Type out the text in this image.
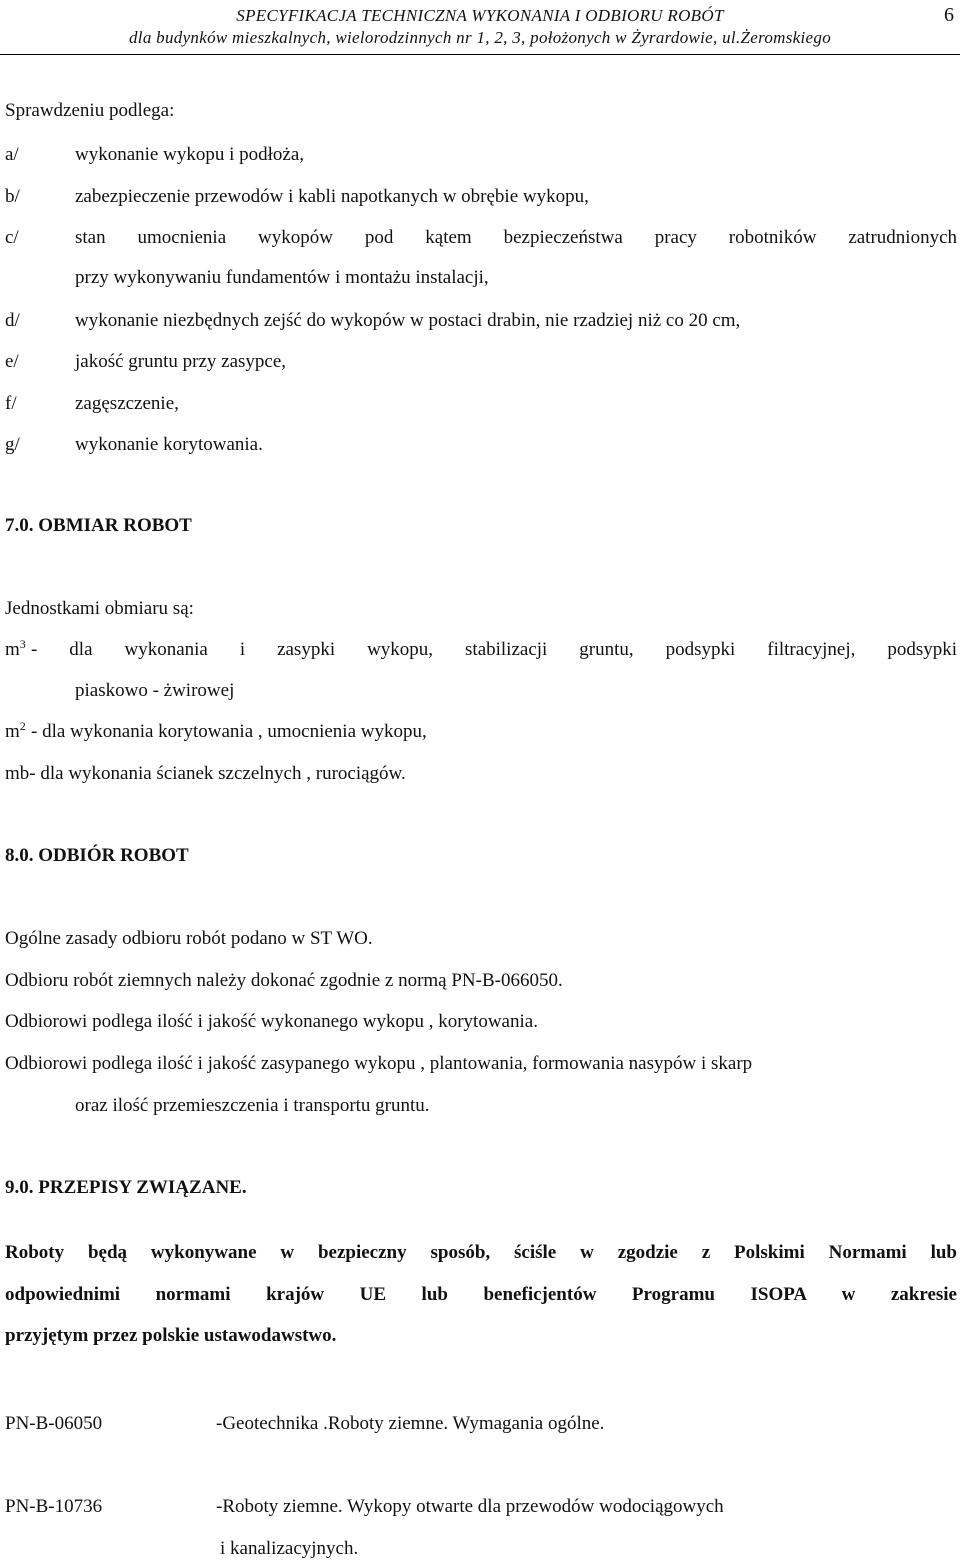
SPECYFIKACJA TECHNICZNA WYKONANIA I ODBIORU ROBÓT
dla budynków mieszkalnych, wielorodzinnych nr 1, 2, 3, położonych w Żyrardowie, ul.Żeromskiego
6
Sprawdzeniu podlega:
a/	wykonanie wykopu i podłoża,
b/	zabezpieczenie przewodów i kabli napotkanych w obrębie wykopu,
c/	stan umocnienia wykopów pod kątem bezpieczeństwa pracy robotników zatrudnionych
przy wykonywaniu fundamentów i montażu instalacji,
d/	wykonanie niezbędnych zejść do wykopów w postaci drabin, nie rzadziej niż co 20 cm,
e/	jakość gruntu przy zasypce,
f/	zagęszczenie,
g/	wykonanie korytowania.
7.0. OBMIAR ROBOT
Jednostkami obmiaru są:
$m^3$ - dla wykonania i zasypki wykopu, stabilizacji gruntu, podsypki filtracyjnej, podsypki
piaskowo - żwirowej
$m^2$ - dla wykonania korytowania , umocnienia wykopu,
mb- dla wykonania ścianek szczelnych , rurociągów.
8.0. ODBIÓR ROBOT
Ogólne zasady odbioru robót podano w ST WO.
Odbioru robót ziemnych należy dokonać zgodnie z normą PN-B-066050.
Odbiorowi podlega ilość i jakość wykonanego wykopu , korytowania.
Odbiorowi podlega ilość i jakość zasypanego wykopu , plantowania, formowania nasypów i skarp
oraz ilość przemieszczenia i transportu gruntu.
9.0. PRZEPISY ZWIĄZANE.
Roboty będą wykonywane w bezpieczny sposób, ściśle w zgodzie z Polskimi Normami lub
odpowiednimi normami krajów UE lub beneficjentów Programu ISOPA w zakresie
przyjętym przez polskie ustawodawstwo.
PN-B-06050	-Geotechnika .Roboty ziemne. Wymagania ogólne.
PN-B-10736	-Roboty ziemne. Wykopy otwarte dla przewodów wodociągowych
i kanalizacyjnych.
